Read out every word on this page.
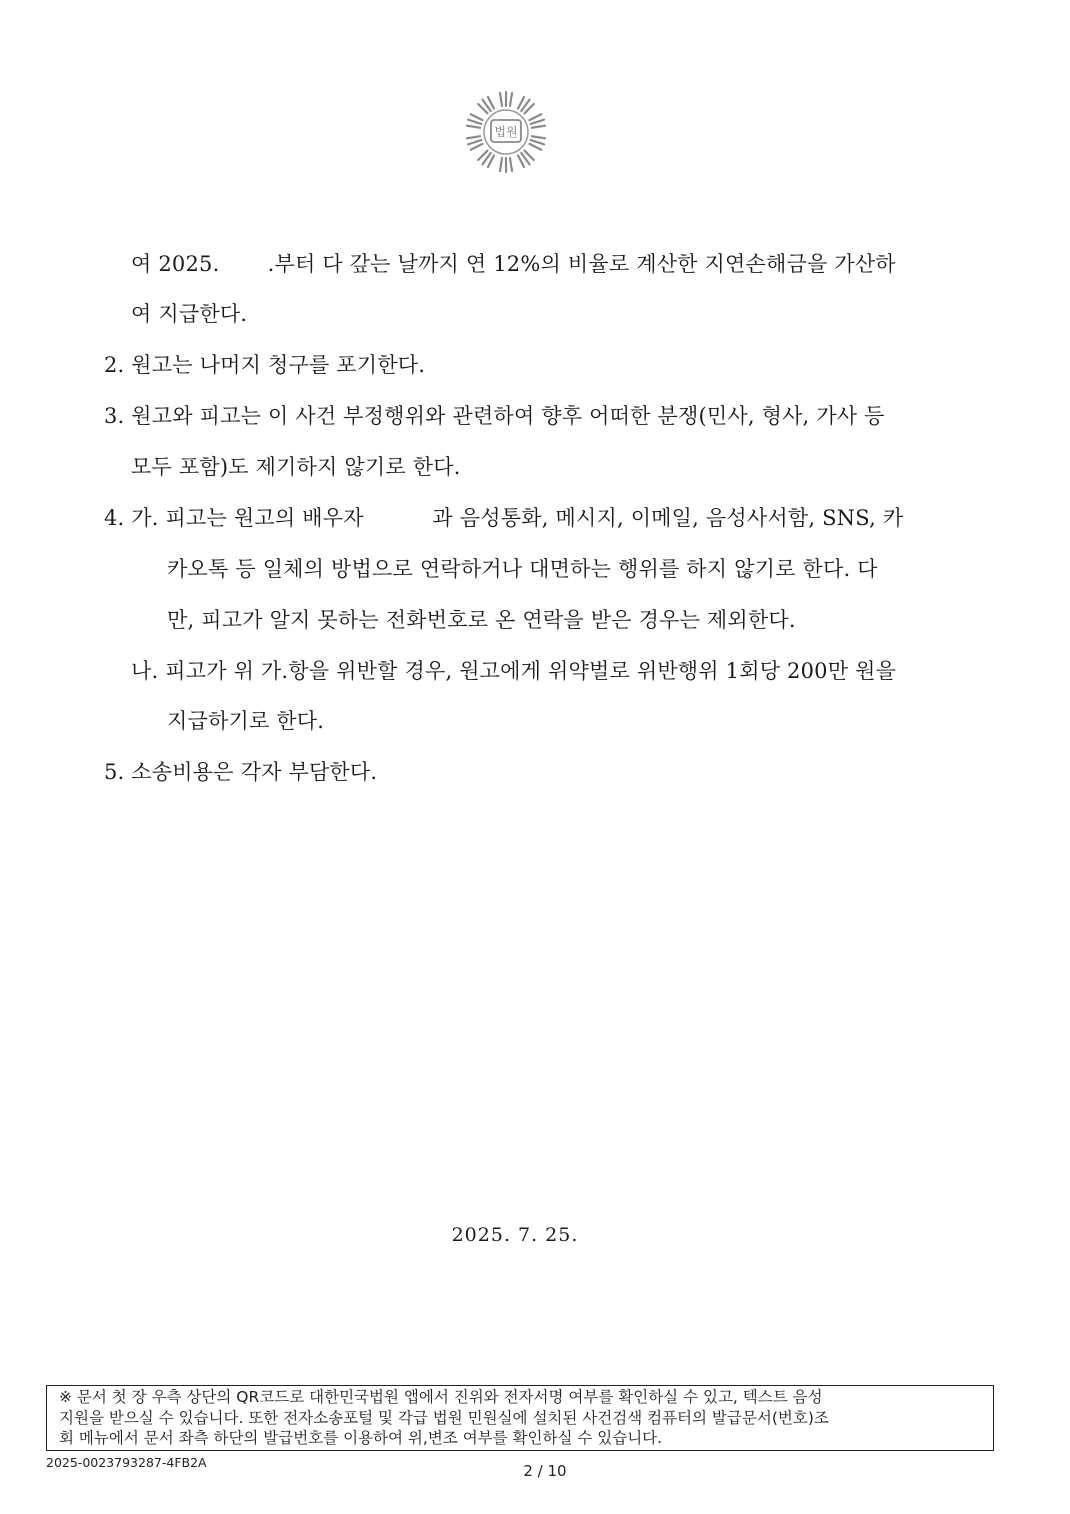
법원
여 2025.       .부터 다 갚는 날까지 연 12%의 비율로 계산한 지연손해금을 가산하
여 지급한다.
2. 원고는 나머지 청구를 포기한다.
3. 원고와 피고는 이 사건 부정행위와 관련하여 향후 어떠한 분쟁(민사, 형사, 가사 등
모두 포함)도 제기하지 않기로 한다.
4. 가. 피고는 원고의 배우자          과 음성통화, 메시지, 이메일, 음성사서함, SNS, 카
카오톡 등 일체의 방법으로 연락하거나 대면하는 행위를 하지 않기로 한다. 다
만, 피고가 알지 못하는 전화번호로 온 연락을 받은 경우는 제외한다.
나. 피고가 위 가.항을 위반할 경우, 원고에게 위약벌로 위반행위 1회당 200만 원을
지급하기로 한다.
5. 소송비용은 각자 부담한다.
2025. 7. 25.
※ 문서 첫 장 우측 상단의 QR코드로 대한민국법원 앱에서 진위와 전자서명 여부를 확인하실 수 있고, 텍스트 음성
지원을 받으실 수 있습니다. 또한 전자소송포털 및 각급 법원 민원실에 설치된 사건검색 컴퓨터의 발급문서(번호)조
회 메뉴에서 문서 좌측 하단의 발급번호를 이용하여 위,변조 여부를 확인하실 수 있습니다.
2025-0023793287-4FB2A	2 / 10
